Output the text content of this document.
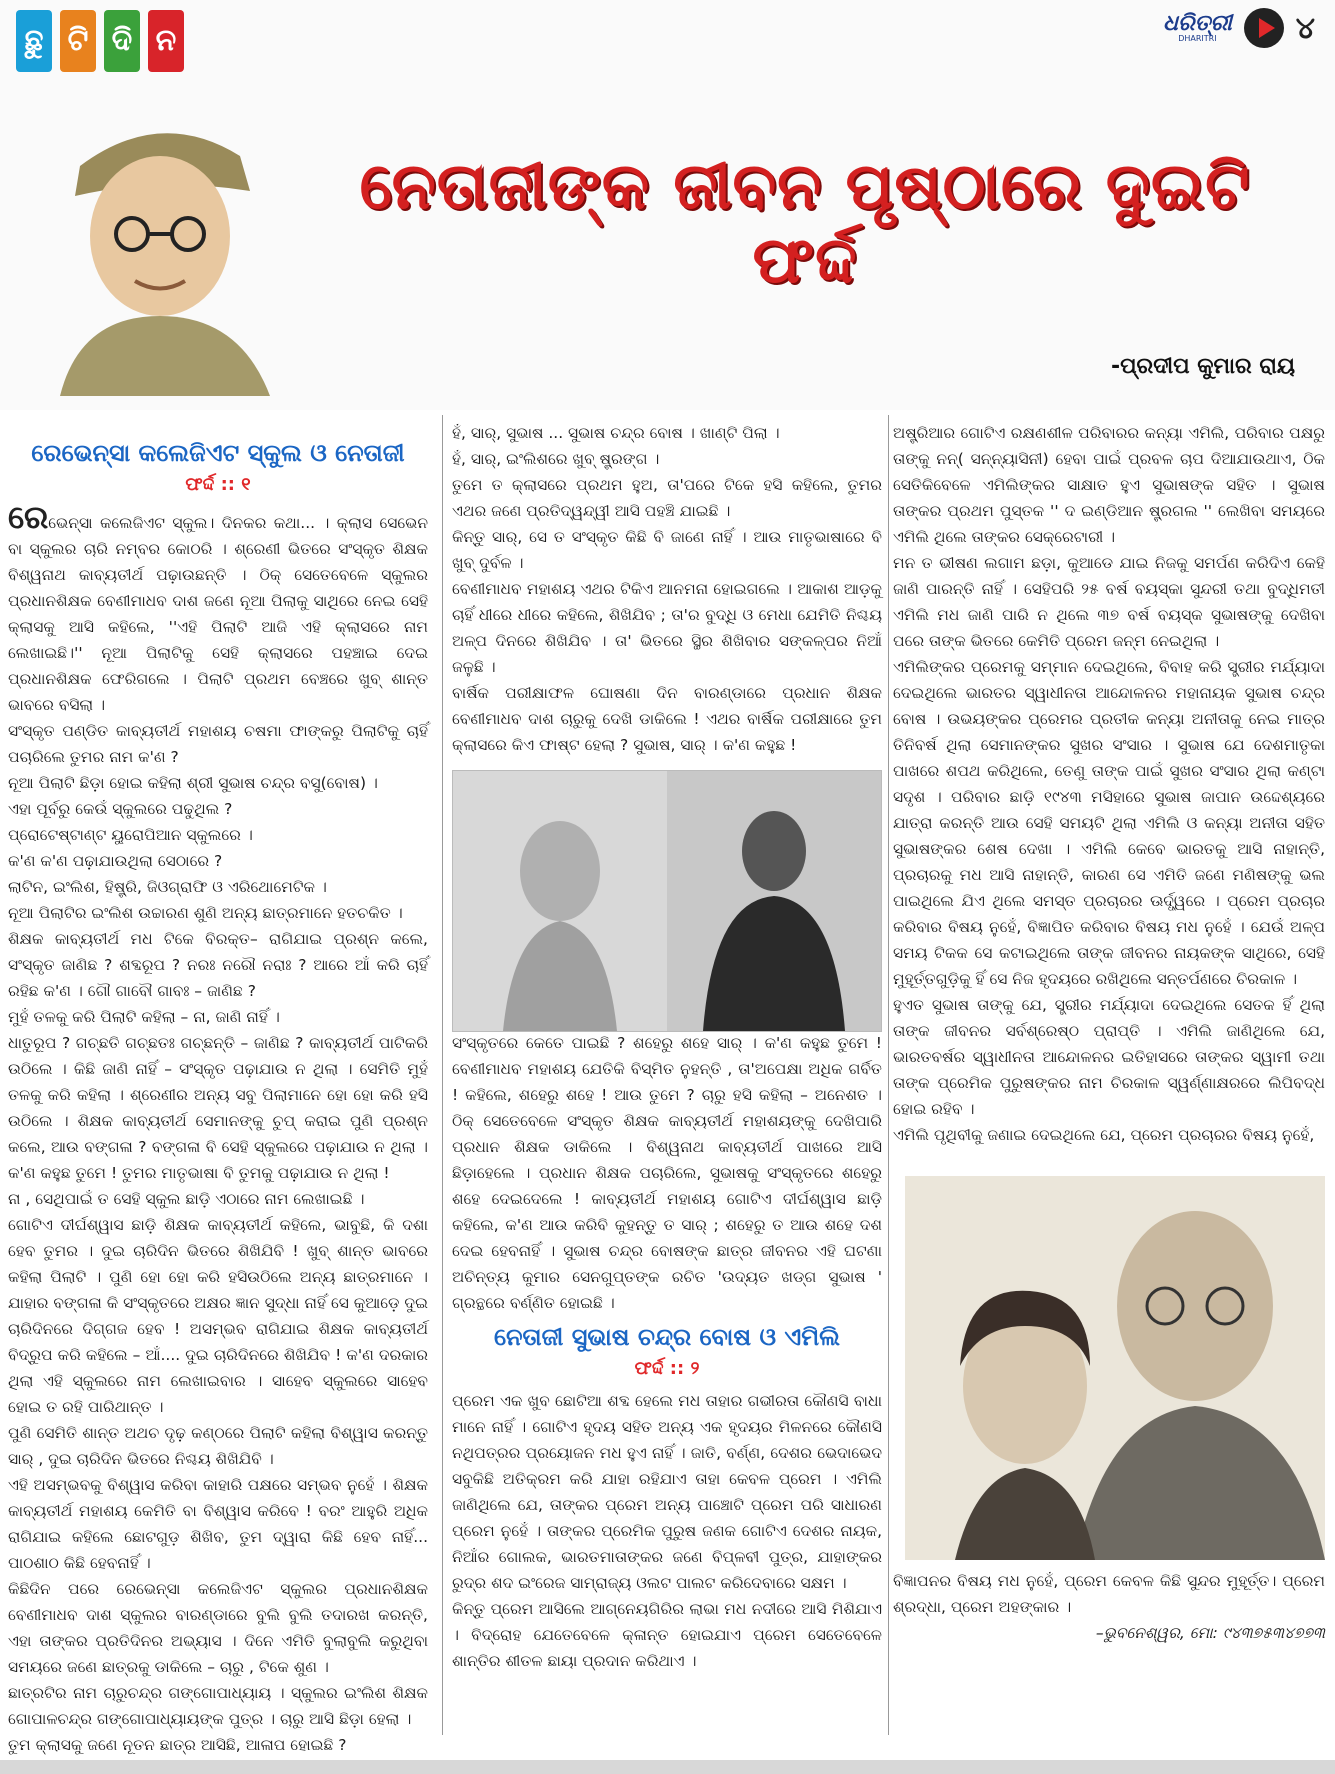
ଛୁ ଟି ଦି ନ	ଧରିତ୍ରୀ
DHARITRI	୪
ନେତାଜୀଙ୍କ ଜୀବନ ପୃଷ୍ଠାରେ ଦୁଇଟି ଫର୍ଦ୍ଦ
-ପ୍ରଦୀପ କୁମାର ରାୟ
ରେଭେନ୍ସା କଲେଜିଏଟ ସ୍କୁଲ ଓ ନେତାଜୀ
ଫର୍ଦ୍ଦ :: ୧

ରେଭେନ୍ସା କଲେଜିଏଟ ସ୍କୁଲ। ଦିନକର କଥା... । କ୍ଲାସ ସେଭେନ ବା ସ୍କୁଲର ଚାରି ନମ୍ବର କୋଠରି । ଶ୍ରେଣୀ ଭିତରେ ସଂସ୍କୃତ ଶିକ୍ଷକ ବିଶ୍ୱନାଥ କାବ୍ୟତୀର୍ଥ ପଢ଼ାଉଛନ୍ତି । ଠିକ୍ ସେତେବେଳେ ସ୍କୁଲର ପ୍ରଧାନଶିକ୍ଷକ ବେଣୀମାଧବ ଦାଶ ଜଣେ ନୂଆ ପିଲାକୁ ସାଥିରେ ନେଇ ସେହି କ୍ଲାସକୁ ଆସି କହିଲେ, ''ଏହି ପିଲାଟି ଆଜି ଏହି କ୍ଲାସରେ ନାମ ଲେଖାଇଛି।'' ନୂଆ ପିଲାଟିକୁ ସେହି କ୍ଲାସରେ ପହଞ୍ଚାଇ ଦେଇ ପ୍ରଧାନଶିକ୍ଷକ ଫେରିଗଲେ । ପିଲାଟି ପ୍ରଥମ ବେଞ୍ଚରେ ଖୁବ୍ ଶାନ୍ତ ଭାବରେ ବସିଲା ।

ସଂସ୍କୃତ ପଣ୍ଡିତ କାବ୍ୟତୀର୍ଥ ମହାଶୟ ଚଷମା ଫାଙ୍କରୁ ପିଲାଟିକୁ ଚାହିଁ ପଚାରିଲେ ତୁମର ନାମ କ'ଣ ?

ନୂଆ ପିଲାଟି ଛିଡ଼ା ହୋଇ କହିଲା ଶ୍ରୀ ସୁଭାଷ ଚନ୍ଦ୍ର ବସୁ(ବୋଷ) ।

ଏହା ପୂର୍ବରୁ କେଉଁ ସ୍କୁଲରେ ପଢୁଥିଲ ?

ପ୍ରୋଟେଷ୍ଟାଣ୍ଟ ୟୁରୋପିଆନ ସ୍କୁଲରେ ।

କ'ଣ କ'ଣ ପଢ଼ାଯାଉଥିଲା ସେଠାରେ ?

ଲାଟିନ, ଇଂଲିଶ, ହିଷ୍ଟ୍ରି, ଜିଓଗ୍ରାଫି ଓ ଏରିଥୋମେଟିକ ।

ନୂଆ ପିଲାଟିର ଇଂଲିଶ ଉଚ୍ଚାରଣ ଶୁଣି ଅନ୍ୟ ଛାତ୍ରମାନେ ହତଚକିତ ।

ଶିକ୍ଷକ କାବ୍ୟତୀର୍ଥ ମଧ ଟିକେ ବିରକ୍ତ– ରାଗିଯାଇ ପ୍ରଶ୍ନ କଲେ, ସଂସ୍କୃତ ଜାଣିଛ ? ଶବ୍ଦରୂପ ? ନରଃ ନରୌ ନରାଃ ? ଆରେ ଆଁ କରି ଚାହିଁ ରହିଛ କ'ଣ । ଗୌ ଗାବୌ ଗାବଃ – ଜାଣିଛ ?

ମୁହଁ ତଳକୁ କରି ପିଲାଟି କହିଲା – ନା, ଜାଣି ନାହିଁ ।

ଧାତୁରୂପ ? ଗଚ୍ଛତି ଗଚ୍ଛତଃ ଗଚ୍ଛନ୍ତି – ଜାଣିଛ ? କାବ୍ୟତୀର୍ଥ ପାଟିକରି ଉଠିଲେ । କିଛି ଜାଣି ନାହିଁ – ସଂସ୍କୃତ ପଢ଼ାଯାଉ ନ ଥିଲା । ସେମିତି ମୁହଁ ତଳକୁ କରି କହିଲା । ଶ୍ରେଣୀର ଅନ୍ୟ ସବୁ ପିଲାମାନେ ହୋ ହୋ କରି ହସି ଉଠିଲେ । ଶିକ୍ଷକ କାବ୍ୟତୀର୍ଥ ସେମାନଙ୍କୁ ଚୁପ୍ କରାଇ ପୁଣି ପ୍ରଶ୍ନ କଲେ, ଆଉ ବଙ୍ଗଳା ? ବଙ୍ଗଳା ବି ସେହି ସ୍କୁଲରେ ପଢ଼ାଯାଉ ନ ଥିଲା । କ'ଣ କହୁଛ ତୁମେ ! ତୁମର ମାତୃଭାଷା ବି ତୁମକୁ ପଢ଼ାଯାଉ ନ ଥିଲା !

ନା , ସେଥିପାଇଁ ତ ସେହି ସ୍କୁଲ ଛାଡ଼ି ଏଠାରେ ନାମ ଲେଖାଇଛି ।

ଗୋଟିଏ ଦୀର୍ଘଶ୍ୱାସ ଛାଡ଼ି ଶିକ୍ଷକ କାବ୍ୟତୀର୍ଥ କହିଲେ, ଭାବୁଛି, କି ଦଶା ହେବ ତୁମର । ଦୁଇ ଚାରିଦିନ ଭିତରେ ଶିଖିଯିବି ! ଖୁବ୍ ଶାନ୍ତ ଭାବରେ କହିଲା ପିଲାଟି । ପୁଣି ହୋ ହୋ କରି ହସିଉଠିଲେ ଅନ୍ୟ ଛାତ୍ରମାନେ । ଯାହାର ବଙ୍ଗଳା କି ସଂସ୍କୃତରେ ଅକ୍ଷର ଜ୍ଞାନ ସୁଦ୍ଧା ନାହିଁ ସେ କୁଆଡ଼େ ଦୁଇ ଚାରିଦିନରେ ଦିଗ୍‌ଗଜ ହେବ ! ଅସମ୍ଭବ ରାଗିଯାଇ ଶିକ୍ଷକ କାବ୍ୟତୀର୍ଥ ବିଦ୍ରୁପ କରି କହିଲେ – ଆଁ.... ଦୁଇ ଚାରିଦିନରେ ଶିଖିଯିବ ! କ'ଣ ଦରକାର ଥିଲା ଏହି ସ୍କୁଲରେ ନାମ ଲେଖାଇବାର । ସାହେବ ସ୍କୁଲରେ ସାହେବ ହୋଇ ତ ରହି ପାରିଥାନ୍ତ ।

ପୁଣି ସେମିତି ଶାନ୍ତ ଅଥଚ ଦୃଢ଼ କଣ୍ଠରେ ପିଲାଟି କହିଲା ବିଶ୍ୱାସ କରନ୍ତୁ ସାର୍ , ଦୁଇ ଚାରିଦିନ ଭିତରେ ନିଶ୍ଚୟ ଶିଖିଯିବି ।

ଏହି ଅସମ୍ଭବକୁ ବିଶ୍ୱାସ କରିବା କାହାରି ପକ୍ଷରେ ସମ୍ଭବ ନୁହେଁ । ଶିକ୍ଷକ କାବ୍ୟତୀର୍ଥ ମହାଶୟ କେମିତି ବା ବିଶ୍ୱାସ କରିବେ ! ବରଂ ଆହୁରି ଅଧିକ ରାଗିଯାଇ କହିଲେ ଛୋଟଗୁଡ଼ ଶିଖିବ, ତୁମ ଦ୍ୱାରା କିଛି ହେବ ନାହିଁ... ପାଠଶାଠ କିଛି ହେବନାହିଁ ।

କିଛିଦିନ ପରେ ରେଭେନ୍ସା କଲେଜିଏଟ ସ୍କୁଲର ପ୍ରଧାନଶିକ୍ଷକ ବେଣୀମାଧବ ଦାଶ ସ୍କୁଲର ବାରଣ୍ଡାରେ ବୁଲି ବୁଲି ତଦାରଖ କରନ୍ତି, ଏହା ତାଙ୍କର ପ୍ରତିଦିନର ଅଭ୍ୟାସ । ଦିନେ ଏମିତି ବୁଲାବୁଲି କରୁଥିବା ସମୟରେ ଜଣେ ଛାତ୍ରକୁ ଡାକିଲେ – ଚାରୁ , ଟିକେ ଶୁଣ ।

ଛାତ୍ରଟିର ନାମ ଚାରୁଚନ୍ଦ୍ର ଗଙ୍ଗୋପାଧ୍ୟାୟ । ସ୍କୁଲର ଇଂଲିଶ ଶିକ୍ଷକ ଗୋପାଳଚନ୍ଦ୍ର ଗଙ୍ଗୋପାଧ୍ୟାୟଙ୍କ ପୁତ୍ର । ଚାରୁ ଆସି ଛିଡ଼ା ହେଲା ।

ତୁମ କ୍ଲାସକୁ ଜଣେ ନୂତନ ଛାତ୍ର ଆସିଛି, ଆଳାପ ହୋଇଛି ?

ହଁ, ସାର୍, ସୁଭାଷ ... ସୁଭାଷ ଚନ୍ଦ୍ର ବୋଷ । ଖାଣ୍ଟି ପିଲା ।

ହଁ, ସାର୍, ଇଂଲିଶରେ ଖୁବ୍ ଷ୍ଟ୍ରଙ୍ଗ ।

ତୁମେ ତ କ୍ଲାସରେ ପ୍ରଥମ ହୁଅ, ତା'ପରେ ଟିକେ ହସି କହିଲେ, ତୁମର ଏଥର ଜଣେ ପ୍ରତିଦ୍ୱନ୍ଦ୍ୱୀ ଆସି ପହଞ୍ଚି ଯାଇଛି ।

କିନ୍ତୁ ସାର୍, ସେ ତ ସଂସ୍କୃତ କିଛି ବି ଜାଣେ ନାହିଁ । ଆଉ ମାତୃଭାଷାରେ ବି ଖୁବ୍ ଦୁର୍ବଳ ।

ବେଣୀମାଧବ ମହାଶୟ ଏଥର ଟିକିଏ ଆନମନା ହୋଇଗଲେ । ଆକାଶ ଆଡ଼କୁ ଚାହିଁ ଧୀରେ ଧୀରେ କହିଲେ, ଶିଖିଯିବ ; ତା'ର ବୁଦ୍ଧି ଓ ମେଧା ଯେମିତି ନିଶ୍ଚୟ ଅଳ୍ପ ଦିନରେ ଶିଖିଯିବ । ତା' ଭିତରେ ସ୍ଥିର ଶିଖିବାର ସଙ୍କଳ୍ପର ନିଆଁ ଜଳୁଛି ।

ବାର୍ଷିକ ପରୀକ୍ଷାଫଳ ଘୋଷଣା ଦିନ ବାରଣ୍ଡାରେ ପ୍ରଧାନ ଶିକ୍ଷକ ବେଣୀମାଧବ ଦାଶ ଚାରୁକୁ ଦେଖି ଡାକିଲେ ! ଏଥର ବାର୍ଷିକ ପରୀକ୍ଷାରେ ତୁମ କ୍ଲାସରେ କିଏ ଫାଷ୍ଟ ହେଲା ? ସୁଭାଷ, ସାର୍ । କ'ଣ କହୁଛ !

ସଂସ୍କୃତରେ କେତେ ପାଇଛି ? ଶହେରୁ ଶହେ ସାର୍ । କ'ଣ କହୁଛ ତୁମେ ! ବେଣୀମାଧବ ମହାଶୟ ଯେତିକି ବିସ୍ମିତ ନୁହନ୍ତି , ତା'ଅପେକ୍ଷା ଅଧିକ ଗର୍ବିତ ! କହିଲେ, ଶହେରୁ ଶହେ ! ଆଉ ତୁମେ ? ଚାରୁ ହସି କହିଲା – ଅନେଶତ । ଠିକ୍ ସେତେବେଳେ ସଂସ୍କୃତ ଶିକ୍ଷକ କାବ୍ୟତୀର୍ଥ ମହାଶୟଙ୍କୁ ଦେଖିପାରି ପ୍ରଧାନ ଶିକ୍ଷକ ଡାକିଲେ । ବିଶ୍ୱନାଥ କାବ୍ୟତୀର୍ଥ ପାଖରେ ଆସି ଛିଡ଼ାହେଲେ । ପ୍ରଧାନ ଶିକ୍ଷକ ପଚାରିଲେ, ସୁଭାଷକୁ ସଂସ୍କୃତରେ ଶହେରୁ ଶହେ ଦେଇଦେଲେ ! କାବ୍ୟତୀର୍ଥ ମହାଶୟ ଗୋଟିଏ ଦୀର୍ଘଶ୍ୱାସ ଛାଡ଼ି କହିଲେ, କ'ଣ ଆଉ କରିବି କୁହନ୍ତୁ ତ ସାର୍ ; ଶହେରୁ ତ ଆଉ ଶହେ ଦଶ ଦେଇ ହେବନାହିଁ । ସୁଭାଷ ଚନ୍ଦ୍ର ବୋଷଙ୍କ ଛାତ୍ର ଜୀବନର ଏହି ଘଟଣା ଅଚିନ୍ତ୍ୟ କୁମାର ସେନଗୁପ୍ତଙ୍କ ରଚିତ 'ଉଦ୍ୟତ ଖଡ୍ଗ ସୁଭାଷ ' ଗ୍ରନ୍ଥରେ ବର୍ଣ୍ଣିତ ହୋଇଛି ।

ନେତାଜୀ ସୁଭାଷ ଚନ୍ଦ୍ର ବୋଷ ଓ ଏମିଲି
ଫର୍ଦ୍ଦ :: ୨

ପ୍ରେମ ଏକ ଖୁବ ଛୋଟିଆ ଶବ୍ଦ ହେଲେ ମଧ ତାହାର ଗଭୀରତା କୌଣସି ବାଧା ମାନେ ନାହିଁ । ଗୋଟିଏ ହୃଦୟ ସହିତ ଅନ୍ୟ ଏକ ହୃଦୟର ମିଳନରେ କୌଣସି ନଥିପତ୍ରର ପ୍ରୟୋଜନ ମଧ ହୁଏ ନାହିଁ । ଜାତି, ବର୍ଣ୍ଣ, ଦେଶର ଭେଦାଭେଦ ସବୁକିଛି ଅତିକ୍ରମ କରି ଯାହା ରହିଯାଏ ତାହା କେବଳ ପ୍ରେମ । ଏମିଲି ଜାଣିଥିଲେ ଯେ, ତାଙ୍କର ପ୍ରେମ ଅନ୍ୟ ପାଞ୍ଚୋଟି ପ୍ରେମ ପରି ସାଧାରଣ ପ୍ରେମ ନୁହେଁ । ତାଙ୍କର ପ୍ରେମିକ ପୁରୁଷ ଜଣକ ଗୋଟିଏ ଦେଶର ନାୟକ, ନିଆଁର ଗୋଲକ, ଭାରତମାତାଙ୍କର ଜଣେ ବିପ୍ଳବୀ ପୁତ୍ର, ଯାହାଙ୍କର ରୁଦ୍ର ଶଦ ଇଂରେଜ ସାମ୍ରାଜ୍ୟ ଓଲଟ ପାଲଟ କରିଦେବାରେ ସକ୍ଷମ ।

କିନ୍ତୁ ପ୍ରେମ ଆସିଲେ ଆଗ୍ନେୟଗିରିର ଲାଭା ମଧ ନଦୀରେ ଆସି ମିଶିଯାଏ । ବିଦ୍ରୋହ ଯେତେବେଳେ କ୍ଳାନ୍ତ ହୋଇଯାଏ ପ୍ରେମ ସେତେବେଳେ ଶାନ୍ତିର ଶୀତଳ ଛାୟା ପ୍ରଦାନ କରିଥାଏ ।

ଅଷ୍ଟ୍ରିଆର ଗୋଟିଏ ରକ୍ଷଣଶୀଳ ପରିବାରର କନ୍ୟା ଏମିଲି, ପରିବାର ପକ୍ଷରୁ ତାଙ୍କୁ ନନ୍( ସନ୍ନ୍ୟାସିନୀ) ହେବା ପାଇଁ ପ୍ରବଳ ଚାପ ଦିଆଯାଉଥାଏ, ଠିକ ସେତିକିବେଳେ ଏମିଲିଙ୍କର ସାକ୍ଷାତ ହୁଏ ସୁଭାଷଙ୍କ ସହିତ । ସୁଭାଷ ତାଙ୍କର ପ୍ରଥମ ପୁସ୍ତକ '' ଦ ଇଣ୍ଡିଆନ ଷ୍ଟ୍ରଗଲ '' ଲେଖିବା ସମୟରେ ଏମିଲି ଥିଲେ ତାଙ୍କର ସେକ୍ରେଟାରୀ ।

ମନ ତ ଭୀଷଣ ଲଗାମ ଛଡ଼ା, କୁଆଡେ ଯାଇ ନିଜକୁ ସମର୍ପଣ କରିଦିଏ କେହି ଜାଣି ପାରନ୍ତି ନାହିଁ । ସେହିପରି ୨୫ ବର୍ଷ ବୟସ୍କା ସୁନ୍ଦରୀ ତଥା ବୁଦ୍ଧିମତୀ ଏମିଲି ମଧ ଜାଣି ପାରି ନ ଥିଲେ ୩୭ ବର୍ଷ ବୟସ୍କ ସୁଭାଷଙ୍କୁ ଦେଖିବା ପରେ ତାଙ୍କ ଭିତରେ କେମିତି ପ୍ରେମ ଜନ୍ମ ନେଇଥିଲା ।

ଏମିଲିଙ୍କର ପ୍ରେମକୁ ସମ୍ମାନ ଦେଇଥିଲେ, ବିବାହ କରି ସ୍ତ୍ରୀର ମର୍ଯ୍ୟାଦା ଦେଇଥିଲେ ଭାରତର ସ୍ୱାଧୀନତା ଆନ୍ଦୋଳନର ମହାନାୟକ ସୁଭାଷ ଚନ୍ଦ୍ର ବୋଷ । ଉଭୟଙ୍କର ପ୍ରେମର ପ୍ରତୀକ କନ୍ୟା ଅନୀତାକୁ ନେଇ ମାତ୍ର ତିନିବର୍ଷ ଥିଲା ସେମାନଙ୍କର ସୁଖର ସଂସାର । ସୁଭାଷ ଯେ ଦେଶମାତୃକା ପାଖରେ ଶପଥ କରିଥିଲେ, ତେଣୁ ତାଙ୍କ ପାଇଁ ସୁଖର ସଂସାର ଥିଲା କଣ୍ଟା ସଦୃଶ । ପରିବାର ଛାଡ଼ି ୧୯୪୩ ମସିହାରେ ସୁଭାଷ ଜାପାନ ଉଦ୍ଦେଶ୍ୟରେ ଯାତ୍ରା କରନ୍ତି ଆଉ ସେହି ସମୟଟି ଥିଲା ଏମିଲି ଓ କନ୍ୟା ଅନୀତା ସହିତ ସୁଭାଷଙ୍କର ଶେଷ ଦେଖା । ଏମିଲି କେବେ ଭାରତକୁ ଆସି ନାହାନ୍ତି, ପ୍ରଚାରକୁ ମଧ ଆସି ନାହାନ୍ତି, କାରଣ ସେ ଏମିତି ଜଣେ ମଣିଷଙ୍କୁ ଭଲ ପାଇଥିଲେ ଯିଏ ଥିଲେ ସମସ୍ତ ପ୍ରଚାରର ଊର୍ଦ୍ଧ୍ୱରେ । ପ୍ରେମ ପ୍ରଚାର କରିବାର ବିଷୟ ନୁହେଁ, ବିଜ୍ଞାପିତ କରିବାର ବିଷୟ ମଧ ନୁହେଁ । ଯେଉଁ ଅଳ୍ପ ସମୟ ଟିକକ ସେ କଟାଇଥିଲେ ତାଙ୍କ ଜୀବନର ନାୟକଙ୍କ ସାଥିରେ, ସେହି ମୁହୂର୍ତ୍ତଗୁଡ଼ିକୁ ହିଁ ସେ ନିଜ ହୃଦୟରେ ରଖିଥିଲେ ସନ୍ତର୍ପଣରେ ଚିରକାଳ ।

ହୁଏତ ସୁଭାଷ ତାଙ୍କୁ ଯେ, ସ୍ତ୍ରୀର ମର୍ଯ୍ୟାଦା ଦେଇଥିଲେ ସେତକ ହିଁ ଥିଲା ତାଙ୍କ ଜୀବନର ସର୍ବଶ୍ରେଷ୍ଠ ପ୍ରାପ୍ତି । ଏମିଲି ଜାଣିଥିଲେ ଯେ, ଭାରତବର୍ଷର ସ୍ୱାଧୀନତା ଆନ୍ଦୋଳନର ଇତିହାସରେ ତାଙ୍କର ସ୍ୱାମୀ ତଥା ତାଙ୍କ ପ୍ରେମିକ ପୁରୁଷଙ୍କର ନାମ ଚିରକାଳ ସ୍ୱର୍ଣ୍ଣାକ୍ଷରରେ ଲିପିବଦ୍ଧ ହୋଇ ରହିବ ।

ଏମିଲି ପୃଥିବୀକୁ ଜଣାଇ ଦେଇଥିଲେ ଯେ, ପ୍ରେମ ପ୍ରଚାରର ବିଷୟ ନୁହେଁ,

ବିଜ୍ଞାପନର ବିଷୟ ମଧ ନୁହେଁ, ପ୍ରେମ କେବଳ କିଛି ସୁନ୍ଦର ମୁହୂର୍ତ୍ତ। ପ୍ରେମ ଶ୍ରଦ୍ଧା, ପ୍ରେମ ଅହଙ୍କାର ।

–ଭୁବନେଶ୍ୱର, ମୋ: ୯୪୩୭୫୩୪୭୭୩
